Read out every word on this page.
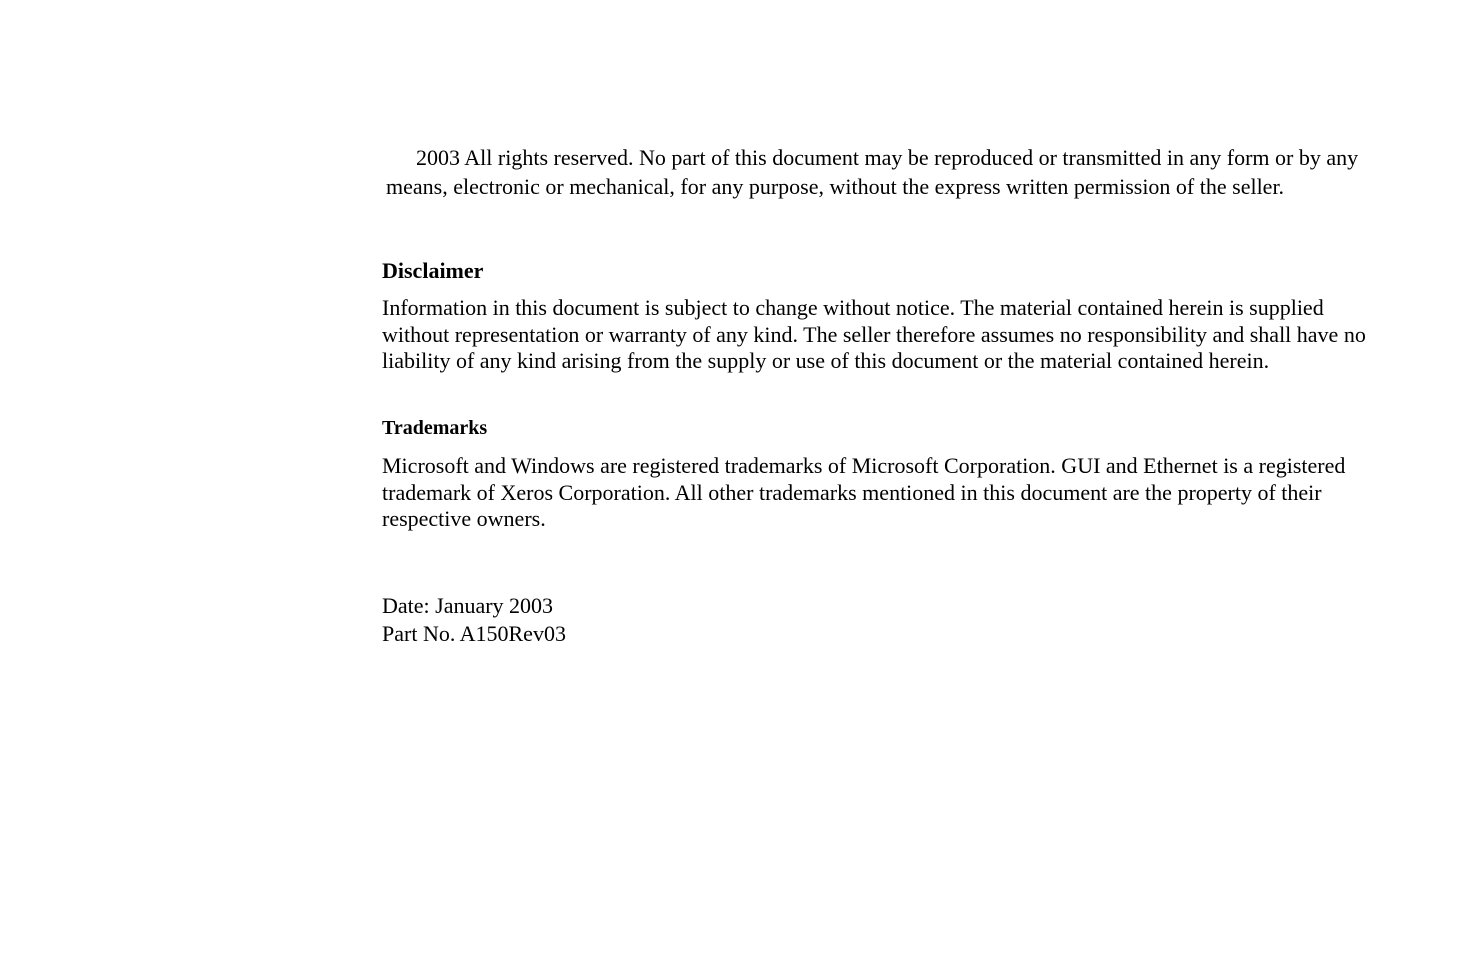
2003 All rights reserved. No part of this document may be reproduced or transmitted in any form or by any means, electronic or mechanical, for any purpose, without the express written permission of the seller.

Disclaimer

Information in this document is subject to change without notice. The material contained herein is supplied without representation or warranty of any kind. The seller therefore assumes no responsibility and shall have no liability of any kind arising from the supply or use of this document or the material contained herein.

Trademarks

Microsoft and Windows are registered trademarks of Microsoft Corporation. GUI and Ethernet is a registered trademark of Xeros Corporation. All other trademarks mentioned in this document are the property of their respective owners.

Date: January 2003
Part No. A150Rev03
